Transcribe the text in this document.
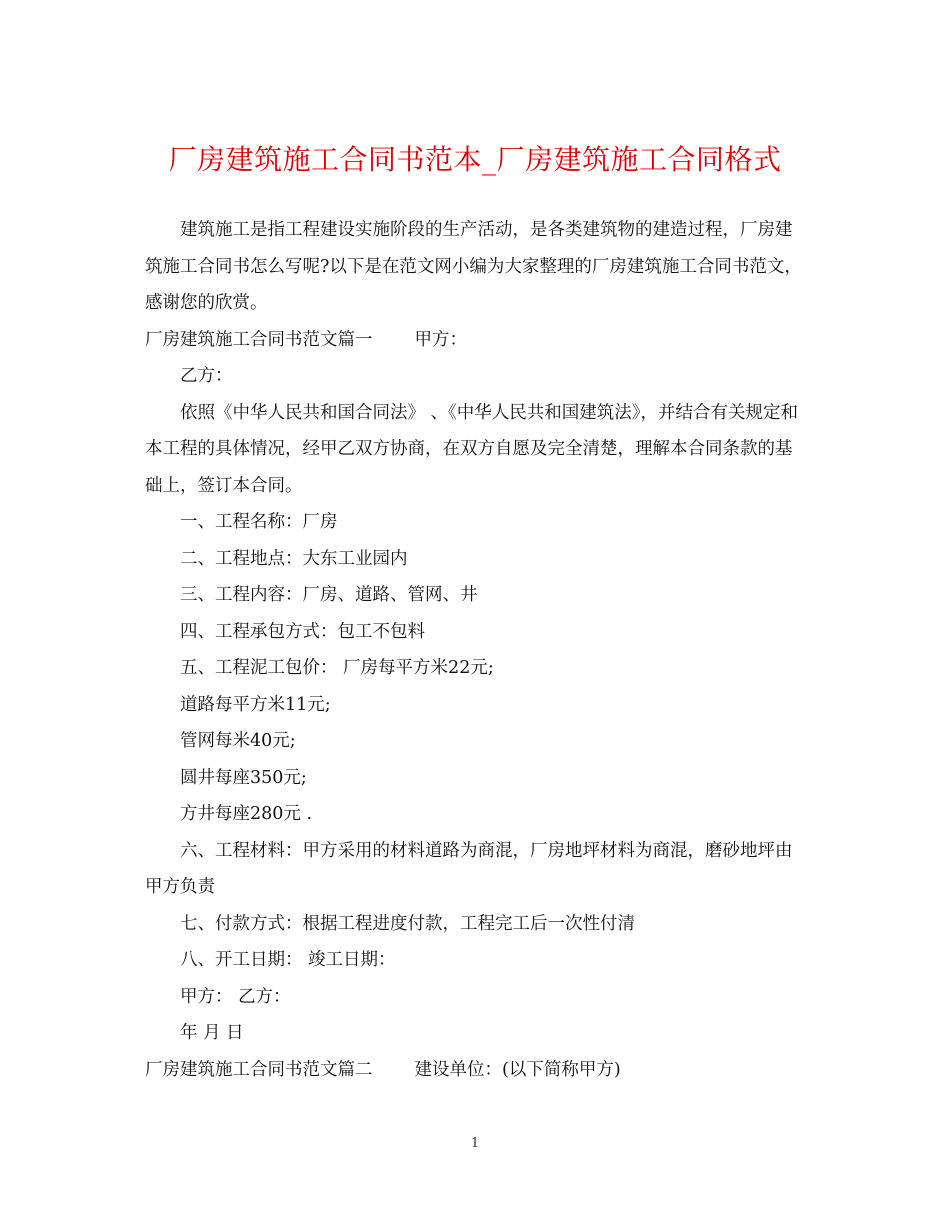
厂房建筑施工合同书范本_厂房建筑施工合同格式

建筑施工是指工程建设实施阶段的生产活动，是各类建筑物的建造过程，厂房建筑施工合同书怎么写呢?以下是在范文网小编为大家整理的厂房建筑施工合同书范文，感谢您的欣赏。

厂房建筑施工合同书范文篇一 甲方：

乙方：

依照《中华人民共和国合同法》 、《中华人民共和国建筑法》，并结合有关规定和本工程的具体情况，经甲乙双方协商，在双方自愿及完全清楚，理解本合同条款的基础上，签订本合同。

一、工程名称：厂房

二、工程地点：大东工业园内

三、工程内容：厂房、道路、管网、井

四、工程承包方式：包工不包料

五、工程泥工包价： 厂房每平方米22元;

道路每平方米11元;

管网每米40元;

圆井每座350元;

方井每座280元 .

六、工程材料：甲方采用的材料道路为商混，厂房地坪材料为商混，磨砂地坪由甲方负责

七、付款方式：根据工程进度付款，工程完工后一次性付清

八、开工日期： 竣工日期：

甲方： 乙方：

年 月 日

厂房建筑施工合同书范文篇二 建设单位：(以下简称甲方)

1
